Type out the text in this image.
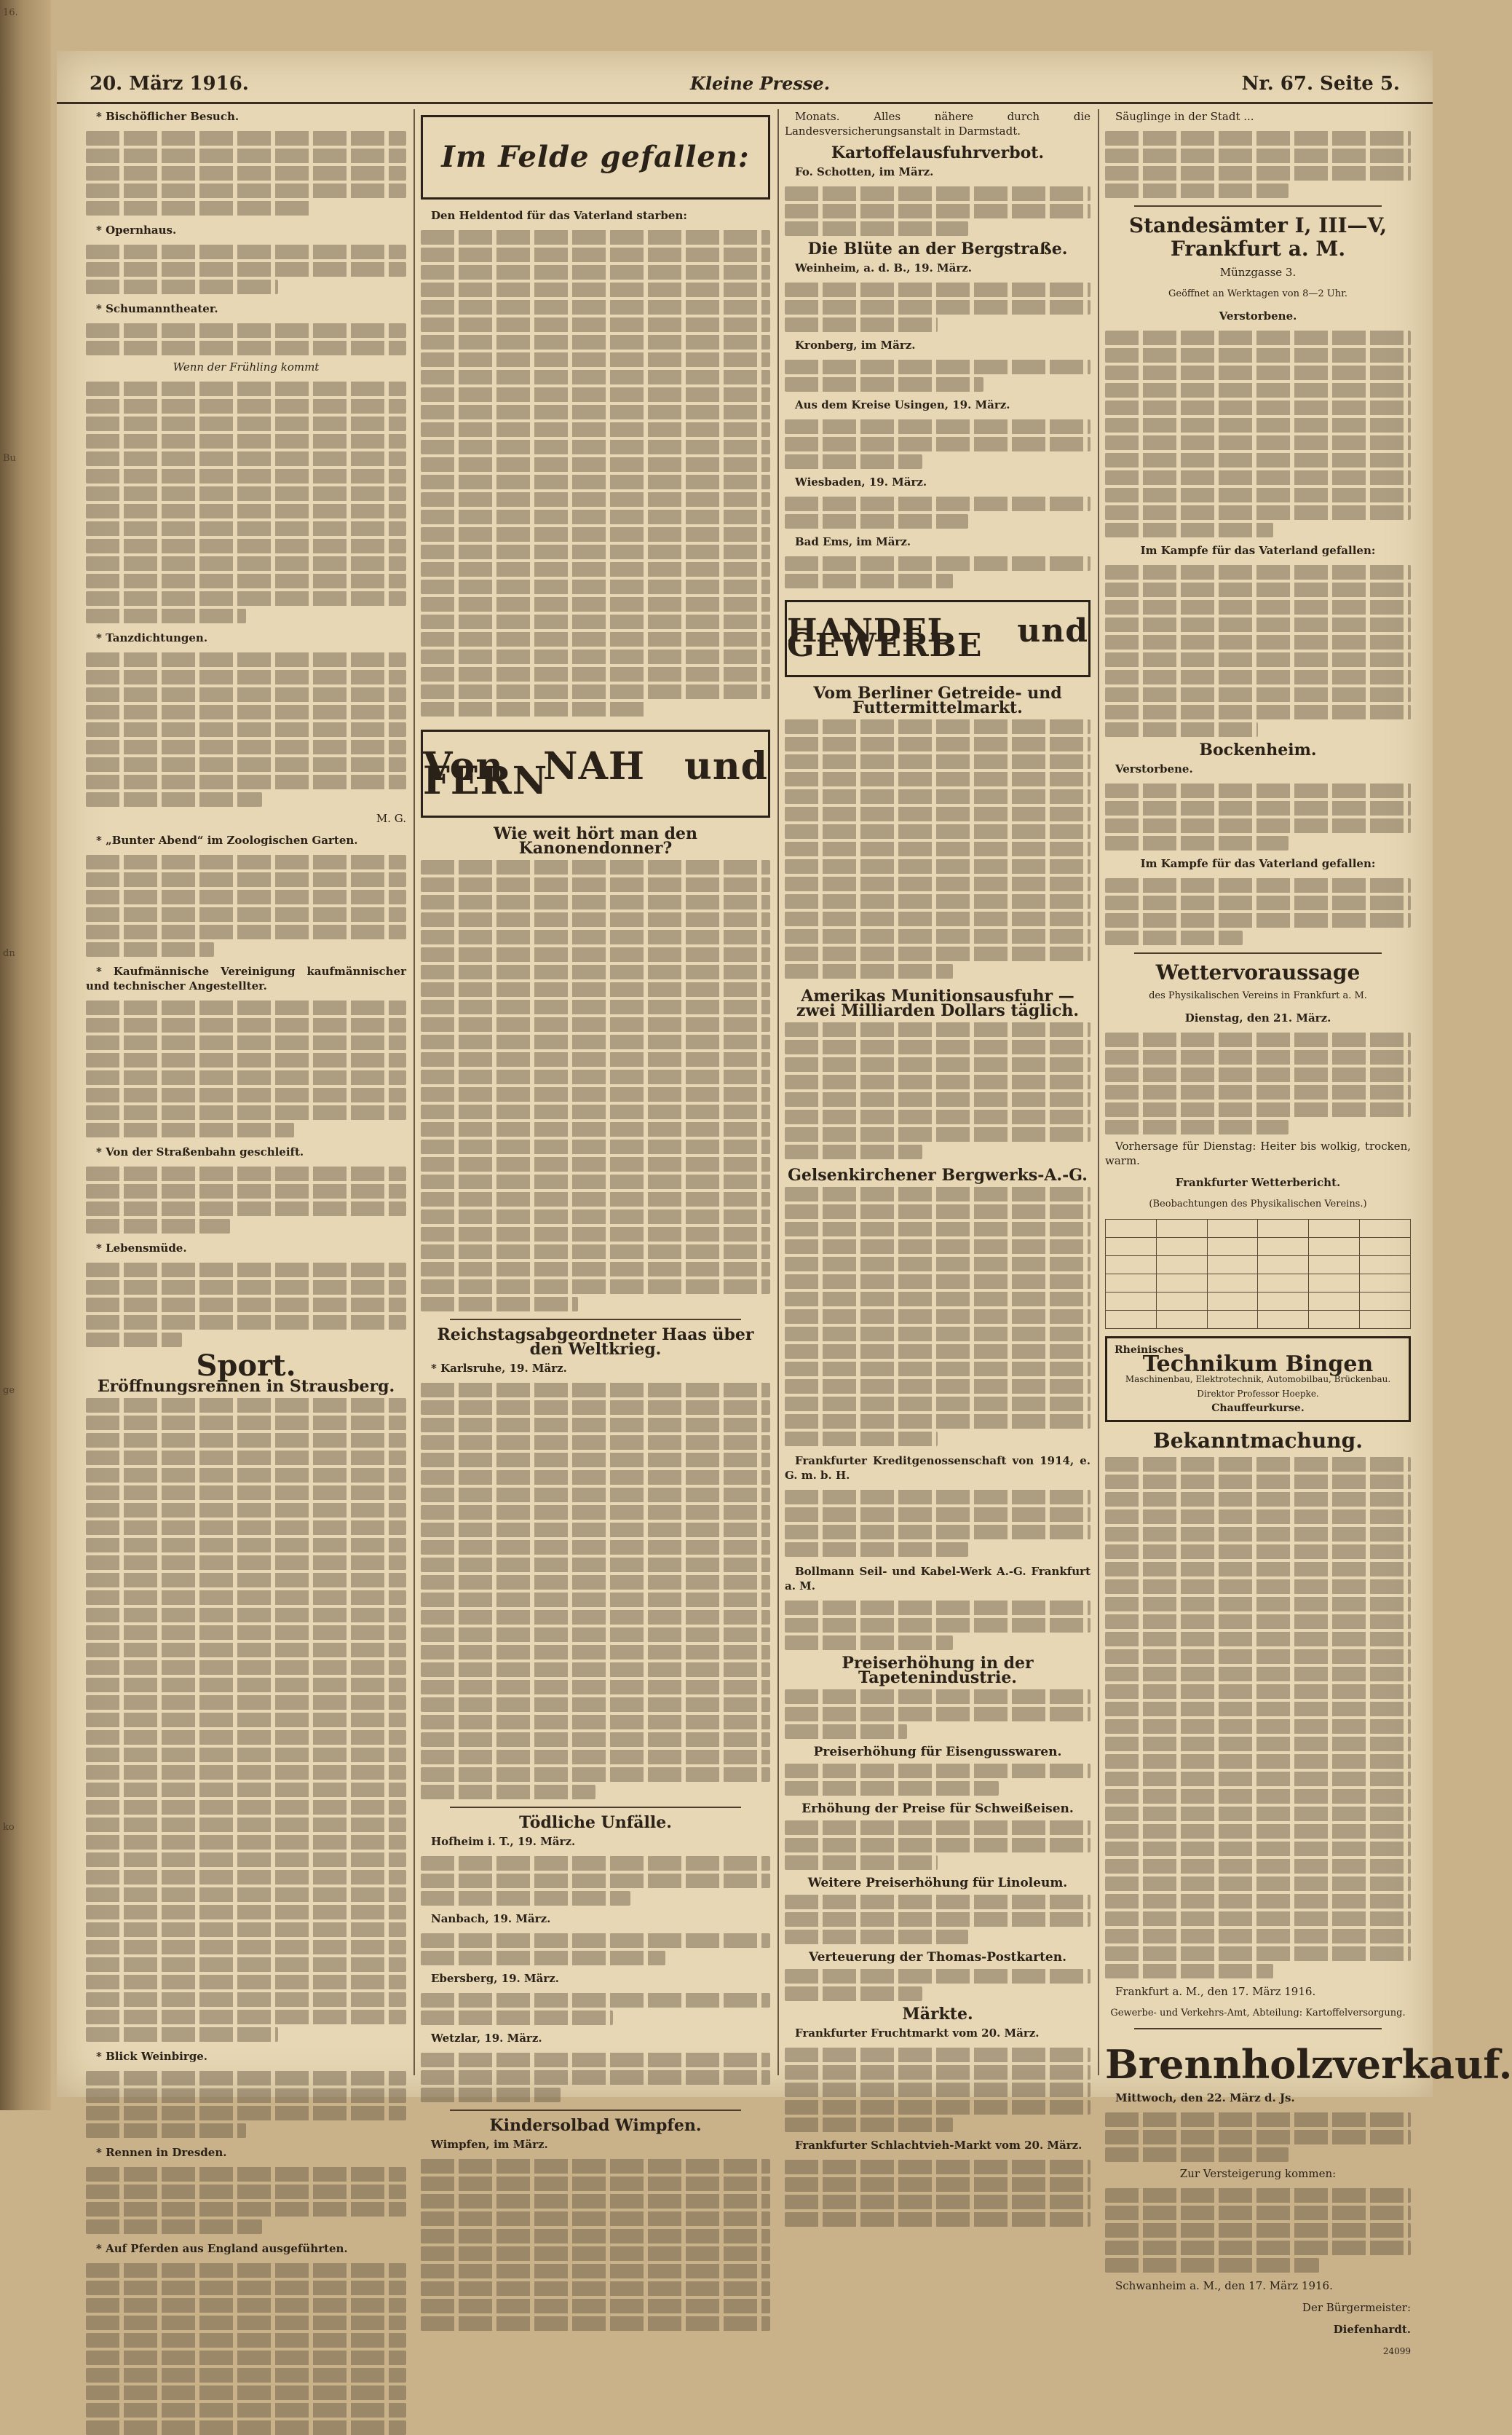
16.
Bu
dn
ge
ko
20. März 1916.	Kleine Presse.	Nr. 67. Seite 5.

* Bischöflicher Besuch.

* Opernhaus.

* Schumanntheater.

Wenn der Frühling kommt

* Tanzdichtungen.

M. G.

* „Bunter Abend“ im Zoologischen Garten.

* Kaufmännische Vereinigung kaufmännischer und technischer Angestellter.

* Von der Straßenbahn geschleift.

* Lebensmüde.

Sport.
Eröffnungsrennen in Strausberg.

* Blick Weinbirge.

* Rennen in Dresden.

* Auf Pferden aus England ausgeführten.

Im Felde gefallen:

Den Heldentod für das Vaterland starben:

Von NAH und FERN
Wie weit hört man den Kanonendonner?
Reichstagsabgeordneter Haas über den Weltkrieg.

* Karlsruhe, 19. März.

Tödliche Unfälle.

Hofheim i. T., 19. März.

Nanbach, 19. März.

Ebersberg, 19. März.

Wetzlar, 19. März.

Kindersolbad Wimpfen.

Wimpfen, im März.

Monats. Alles nähere durch die Landesversicherungsanstalt in Darmstadt.

Kartoffelausfuhrverbot.

Fo. Schotten, im März.

Die Blüte an der Bergstraße.

Weinheim, a. d. B., 19. März.

Kronberg, im März.

Aus dem Kreise Usingen, 19. März.

Wiesbaden, 19. März.

Bad Ems, im März.

HANDEL und GEWERBE
Vom Berliner Getreide- und Futtermittelmarkt.
Amerikas Munitionsausfuhr — zwei Milliarden Dollars täglich.
Gelsenkirchener Bergwerks-A.-G.

Frankfurter Kreditgenossenschaft von 1914, e. G. m. b. H.

Bollmann Seil- und Kabel-Werk A.-G. Frankfurt a. M.

Preiserhöhung in der Tapetenindustrie.
Preiserhöhung für Eisengusswaren.
Erhöhung der Preise für Schweißeisen.
Weitere Preiserhöhung für Linoleum.
Verteuerung der Thomas-Postkarten.
Märkte.

Frankfurter Fruchtmarkt vom 20. März.

Frankfurter Schlachtvieh-Markt vom 20. März.

Säuglinge in der Stadt ...

Standesämter I, III—V, Frankfurt a. M.

Münzgasse 3.

Geöffnet an Werktagen von 8—2 Uhr.

Verstorbene.

Im Kampfe für das Vaterland gefallen:

Bockenheim.

Verstorbene.

Im Kampfe für das Vaterland gefallen:

Wettervoraussage

des Physikalischen Vereins in Frankfurt a. M.

Dienstag, den 21. März.

Vorhersage für Dienstag: Heiter bis wolkig, trocken, warm.

Frankfurter Wetterbericht.

(Beobachtungen des Physikalischen Vereins.)

Rheinisches
Technikum Bingen
Maschinenbau, Elektrotechnik, Automobilbau, Brückenbau. Direktor Professor Hoepke.
Chauffeurkurse.
Bekanntmachung.

Frankfurt a. M., den 17. März 1916.

Gewerbe- und Verkehrs-Amt, Abteilung: Kartoffelversorgung.

Brennholzverkauf.

Mittwoch, den 22. März d. Js.

Zur Versteigerung kommen:

Schwanheim a. M., den 17. März 1916.

Der Bürgermeister:

Diefenhardt.

24099
